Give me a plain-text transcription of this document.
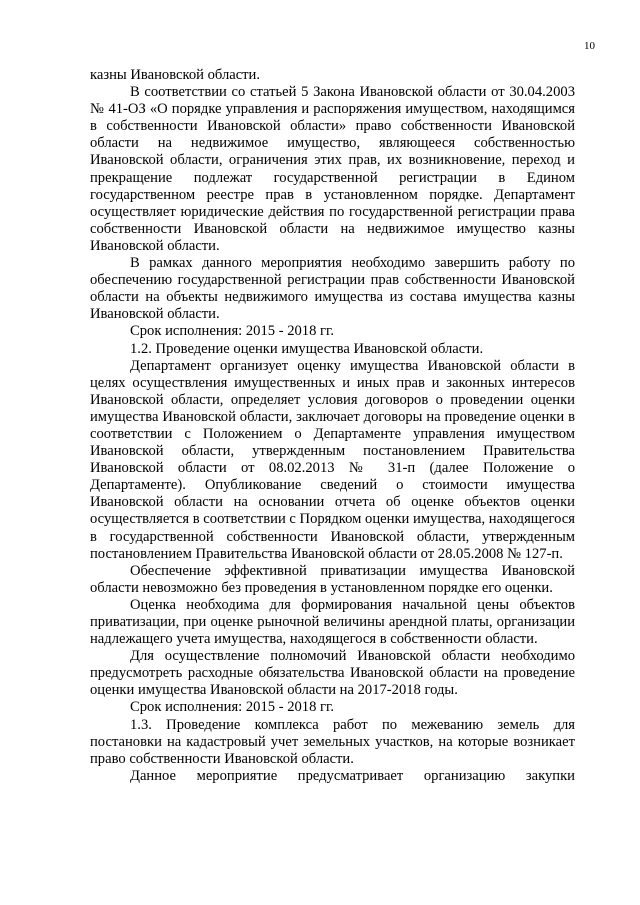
10

казны Ивановской области.

В соответствии со статьей 5 Закона Ивановской области от 30.04.2003 № 41-ОЗ «О порядке управления и распоряжения имуществом, находящимся в собственности Ивановской области» право собственности Ивановской области на недвижимое имущество, являющееся собственностью Ивановской области, ограничения этих прав, их возникновение, переход и прекращение подлежат государственной регистрации в Едином государственном реестре прав в установленном порядке. Департамент осуществляет юридические действия по государственной регистрации права собственности Ивановской области на недвижимое имущество казны Ивановской области.

В рамках данного мероприятия необходимо завершить работу по обеспечению государственной регистрации прав собственности Ивановской области на объекты недвижимого имущества из состава имущества казны Ивановской области.

Срок исполнения: 2015 - 2018 гг.

1.2. Проведение оценки имущества Ивановской области.

Департамент организует оценку имущества Ивановской области в целях осуществления имущественных и иных прав и законных интересов Ивановской области, определяет условия договоров о проведении оценки имущества Ивановской области, заключает договоры на проведение оценки в соответствии с Положением о Департаменте управления имуществом Ивановской области, утвержденным постановлением Правительства Ивановской области от 08.02.2013 № 31-п (далее Положение о Департаменте). Опубликование сведений о стоимости имущества Ивановской области на основании отчета об оценке объектов оценки осуществляется в соответствии с Порядком оценки имущества, находящегося в государственной собственности Ивановской области, утвержденным постановлением Правительства Ивановской области от 28.05.2008 № 127-п.

Обеспечение эффективной приватизации имущества Ивановской области невозможно без проведения в установленном порядке его оценки.

Оценка необходима для формирования начальной цены объектов приватизации, при оценке рыночной величины арендной платы, организации надлежащего учета имущества, находящегося в собственности области.

Для осуществление полномочий Ивановской области необходимо предусмотреть расходные обязательства Ивановской области на проведение оценки имущества Ивановской области на 2017-2018 годы.

Срок исполнения: 2015 - 2018 гг.

1.3. Проведение комплекса работ по межеванию земель для постановки на кадастровый учет земельных участков, на которые возникает право собственности Ивановской области.

Данное мероприятие предусматривает организацию закупки
